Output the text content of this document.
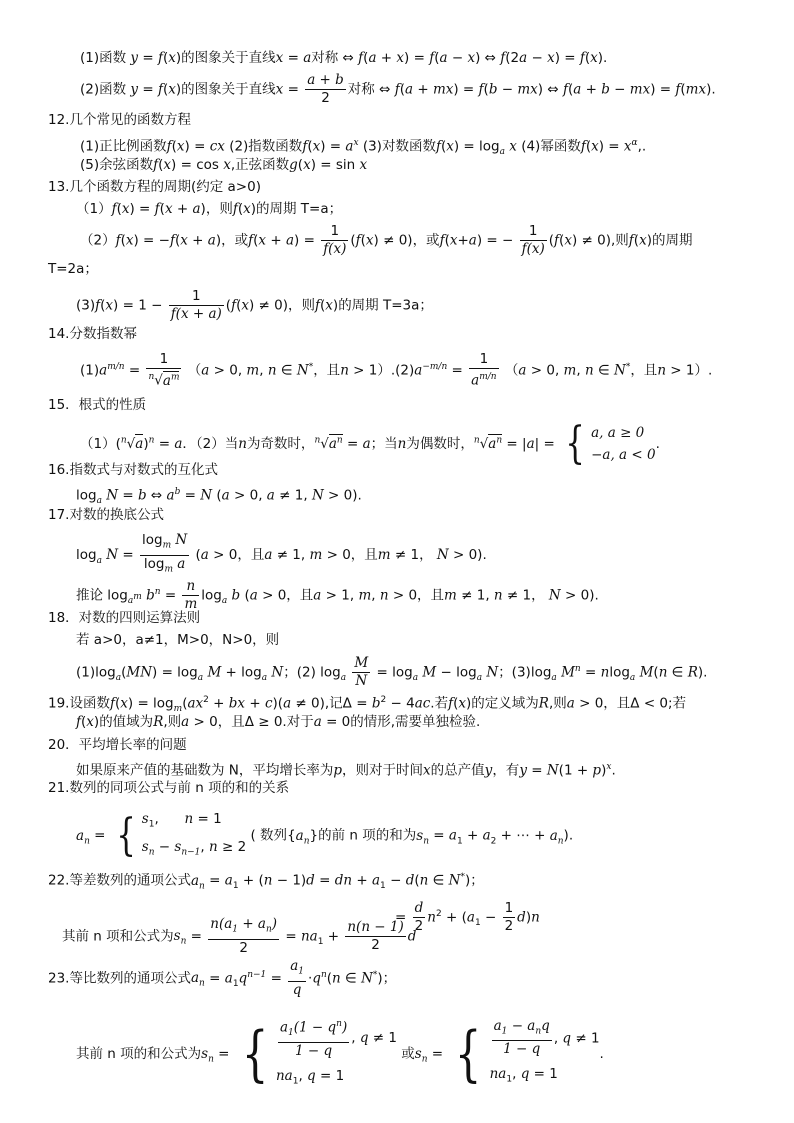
(1)函数 y = f(x)的图象关于直线x = a对称 ⇔ f(a + x) = f(a − x) ⇔ f(2a − x) = f(x).
(2)函数 y = f(x)的图象关于直线$x = \frac{a + b}{2}$ 对称 ⇔ f(a + mx) = f(b − mx) ⇔ f(a + b − mx) = f(mx).
12.几个常见的函数方程
(1)正比例函数f(x) = cx (2)指数函数$f(x) = a^x$ (3)对数函数$f(x) = \log_a x$ (4)幂函数$f(x) = x^\alpha$,.
(5)余弦函数f(x) = cos x,正弦函数g(x) = sin x
13.几个函数方程的周期(约定 a>0)
（1）f(x) = f(x + a)，则f(x)的周期 T=a；
（2）f(x) = −f(x + a)，或$f(x + a) = \frac{1}{f(x)} (f(x) \ne 0)$，或f(x+a) = − $\frac{1}{f(x)} (f(x) \ne 0)$,则f(x)的周期
T=2a；
$(3)f(x) = 1 - \frac{1}{f(x + a)} (f(x) \ne 0)$，则f(x)的周期 T=3a；
14.分数指数幂
$(1)a^{m/n} = \frac{1}{^n√a^m} (a > 0$, m, n ∈ N*，且$n > 1).(2)a^{-m/n} = \frac{1}{a^{m/n}} (a > 0$, m, n ∈ N*，且n > 1）.
15．根式的性质
$(1)(^n√a)^n = a$．（2）当n为奇数时，$^n√a^n = a$；当n为偶数时，$^n√a^n = |a|$ = { a, a ≥ 0
−a, a < 0
.
16.指数式与对数式的互化式
$\log_a N = b$ ⇔ $a^b = N$ (a > 0, a ≠ 1, N > 0).
17.对数的换底公式
$\log_a N = \frac{\log_m N}{\log_m a} (a > 0$，且a ≠ 1, m > 0，且m ≠ 1， N > 0).
推论 $\log_{a^m} b^n = \frac{n}{m} \log_a b$ (a > 0，且a > 1, m, n > 0，且m ≠ 1, n ≠ 1， N > 0).
18．对数的四则运算法则
若 a>0，a≠1，M>0，N>0，则
$(1)\log_a(MN) = \log_a M + \log_a N$；(2) $\log_a \frac{M}{N} = \log_a M - \log_a N$；$(3)\log_a$ $M^n = nlog_a$ M(n ∈ R).
19.设函数$f(x) = \log_m(ax^2$ + bx + c)(a ≠ 0),记$\Delta = b^2 - 4ac$.若f(x)的定义域为R,则a > 0，且Δ < 0;若
f(x)的值域为R,则a > 0，且Δ ≥ 0.对于a = 0的情形,需要单独检验.
20．平均增长率的问题
如果原来产值的基础数为 N，平均增长率为p，则对于时间x的总产值y，有$y = N(1 + p)^x$.
21.数列的同项公式与前 n 项的和的关系
$a_n$ = { $s_1$,      n = 1
$s_n - s_{n-1}$, n ≥ 2
( 数列$\{a_n\}$的前 n 项的和为$s_n = a_1 + a_2$ + ⋯ + $a_n$).
22.等差数列的通项公式$a_n = a_1 + (n - 1)d$ = dn + $a_1 - d(n$ ∈ N*)；
= $\frac{d}{2} n^2 + (a_1 - \frac{1}{2} d)n$
其前 n 项和公式为$s_n = \frac{n(a_1 + a_n)}{2} = na_1 + \frac{n(n - 1)}{2}$ d
23.等比数列的通项公式$a_n = a_1q^{n-1} = \frac{a_1}{q} \cdot q^n(n$ ∈ N*)；
其前 n 项的和公式为$s_n$ = { $\frac{a_1(1 - q^n)}{1 - q}$ , q ≠ 1
$na_1$, q = 1
或$s_n$ = { $\frac{a_1 - a_nq}{1 - q}$ , q ≠ 1
$na_1$, q = 1
.
